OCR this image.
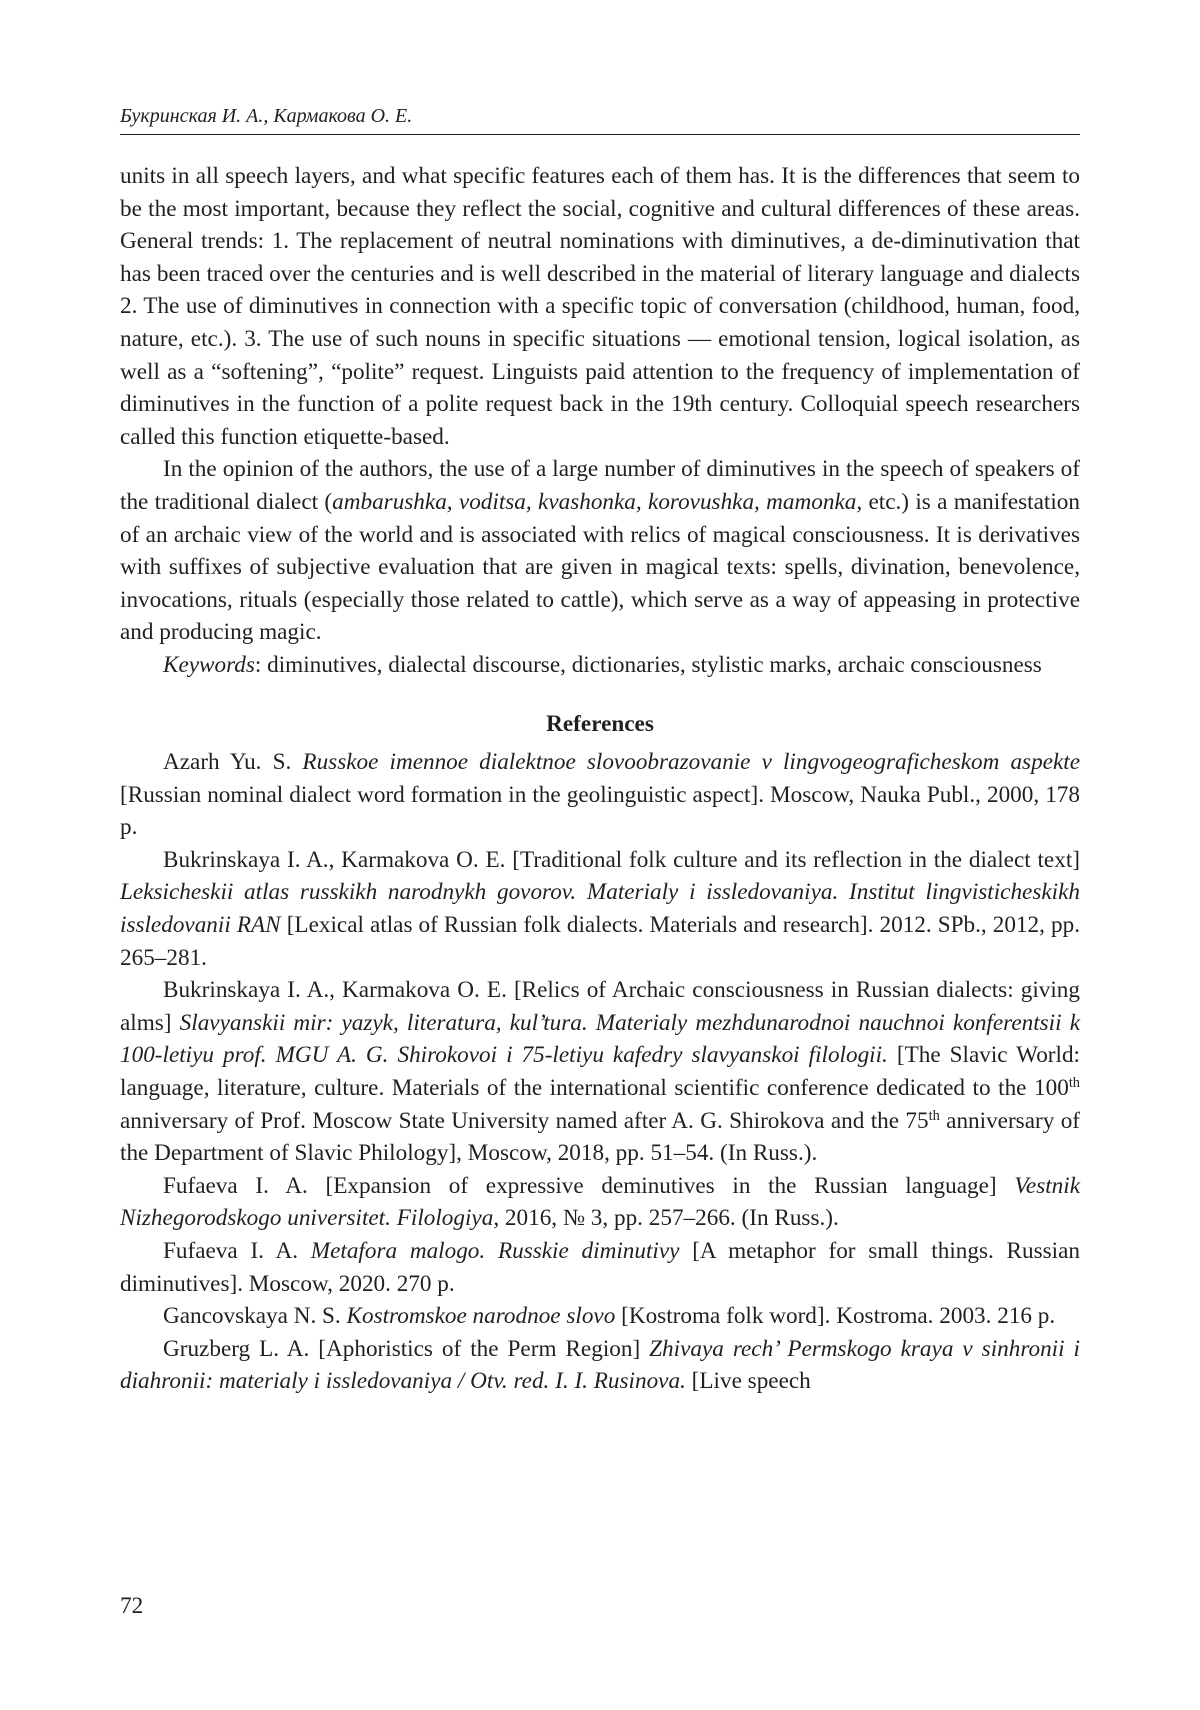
Букринская И. А., Кармакова О. Е.

units in all speech layers, and what specific features each of them has. It is the differences that seem to be the most important, because they reflect the social, cognitive and cultural differences of these areas. General trends: 1. The replacement of neutral nominations with diminutives, a de-diminutivation that has been traced over the centuries and is well described in the material of literary language and dialects 2. The use of diminutives in connection with a specific topic of conversation (childhood, human, food, nature, etc.). 3. The use of such nouns in specific situations — emotional tension, logical isolation, as well as a “softening”, “polite” request. Linguists paid attention to the frequency of implementation of diminutives in the function of a polite request back in the 19th century. Colloquial speech researchers called this function etiquette-based.

In the opinion of the authors, the use of a large number of diminutives in the speech of speakers of the traditional dialect (ambarushka, voditsa, kvashonka, korovushka, mamonka, etc.) is a manifestation of an archaic view of the world and is associated with relics of magical consciousness. It is derivatives with suffixes of subjective evaluation that are given in magical texts: spells, divination, benevolence, invocations, rituals (especially those related to cattle), which serve as a way of appeasing in protective and producing magic.

Keywords: diminutives, dialectal discourse, dictionaries, stylistic marks, archaic consciousness

References

Azarh Yu. S. Russkoe imennoe dialektnoe slovoobrazovanie v lingvogeograficheskom aspekte [Russian nominal dialect word formation in the geolinguistic aspect]. Moscow, Nauka Publ., 2000, 178 p.

Bukrinskaya I. A., Karmakova O. E. [Traditional folk culture and its reflection in the dialect text] Leksicheskii atlas russkikh narodnykh govorov. Materialy i issledovaniya. Institut lingvisticheskikh issledovanii RAN [Lexical atlas of Russian folk dialects. Materials and research]. 2012. SPb., 2012, pp. 265–281.

Bukrinskaya I. A., Karmakova O. E. [Relics of Archaic consciousness in Russian dialects: giving alms] Slavyanskii mir: yazyk, literatura, kul’tura. Materialy mezhdunarodnoi nauchnoi konferentsii k 100-letiyu prof. MGU A. G. Shirokovoi i 75-letiyu kafedry slavyanskoi filologii. [The Slavic World: language, literature, culture. Materials of the international scientific conference dedicated to the 100th anniversary of Prof. Moscow State University named after A. G. Shirokova and the 75th anniversary of the Department of Slavic Philology], Moscow, 2018, pp. 51–54. (In Russ.).

Fufaeva I. A. [Expansion of expressive deminutives in the Russian language] Vestnik Nizhegorodskogo universitet. Filologiya, 2016, № 3, pp. 257–266. (In Russ.).

Fufaeva I. A. Metafora malogo. Russkie diminutivy [A metaphor for small things. Russian diminutives]. Moscow, 2020. 270 p.

Gancovskaya N. S. Kostromskoe narodnoe slovo [Kostroma folk word]. Kostroma. 2003. 216 p.

Gruzberg L. A. [Aphoristics of the Perm Region] Zhivaya rech’ Permskogo kraya v sinhronii i diahronii: materialy i issledovaniya / Otv. red. I. I. Rusinova. [Live speech

72
